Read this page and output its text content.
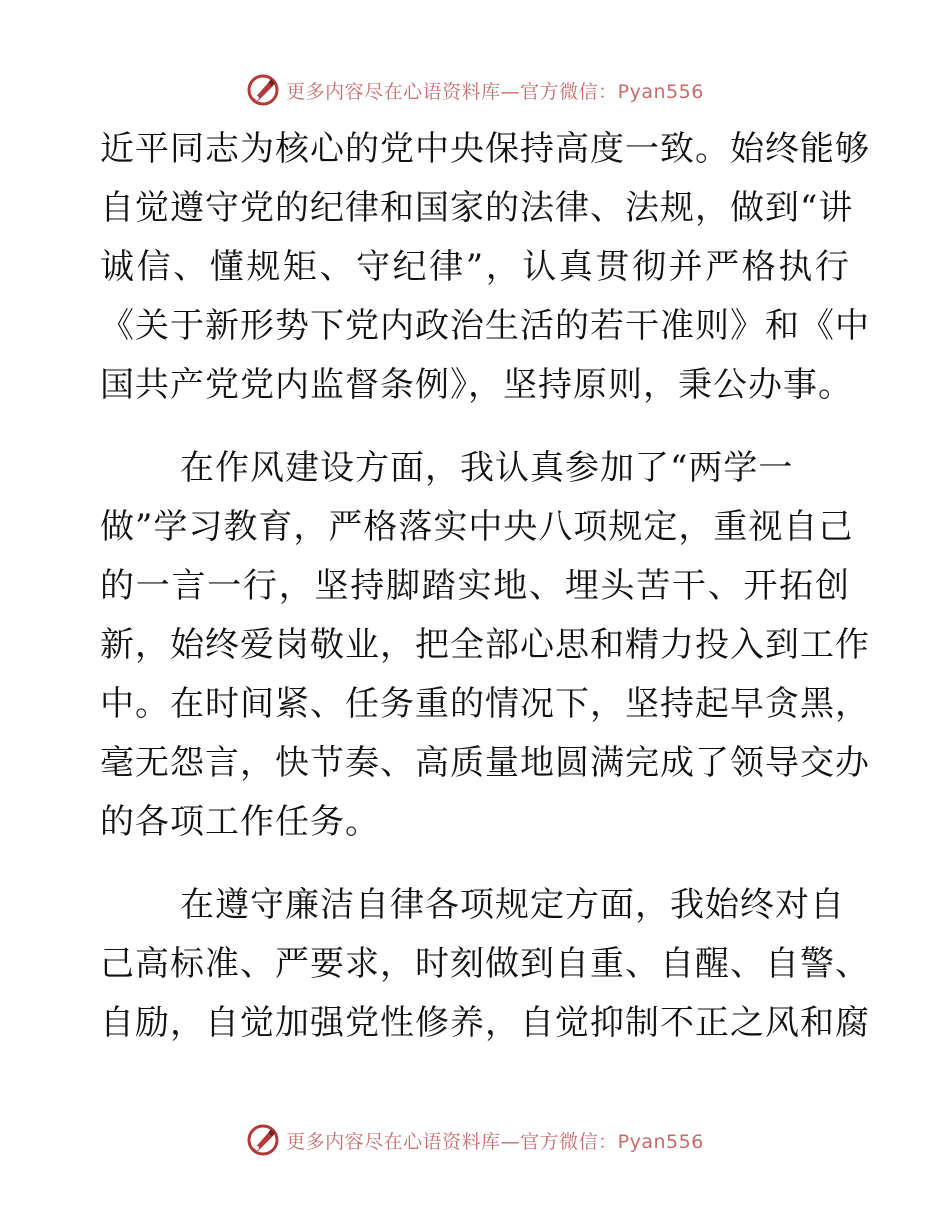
更多内容尽在心语资料库—官方微信：Pyan556
近平同志为核心的党中央保持高度一致。始终能够
自觉遵守党的纪律和国家的法律、法规，做到“讲
诚信、懂规矩、守纪律”，认真贯彻并严格执行
《关于新形势下党内政治生活的若干准则》和《中
国共产党党内监督条例》，坚持原则，秉公办事。
在作风建设方面，我认真参加了“两学一
做”学习教育，严格落实中央八项规定，重视自己
的一言一行，坚持脚踏实地、埋头苦干、开拓创
新，始终爱岗敬业，把全部心思和精力投入到工作
中。在时间紧、任务重的情况下，坚持起早贪黑，
毫无怨言，快节奏、高质量地圆满完成了领导交办
的各项工作任务。
在遵守廉洁自律各项规定方面，我始终对自
己高标准、严要求，时刻做到自重、自醒、自警、
自励，自觉加强党性修养，自觉抑制不正之风和腐
更多内容尽在心语资料库—官方微信：Pyan556
